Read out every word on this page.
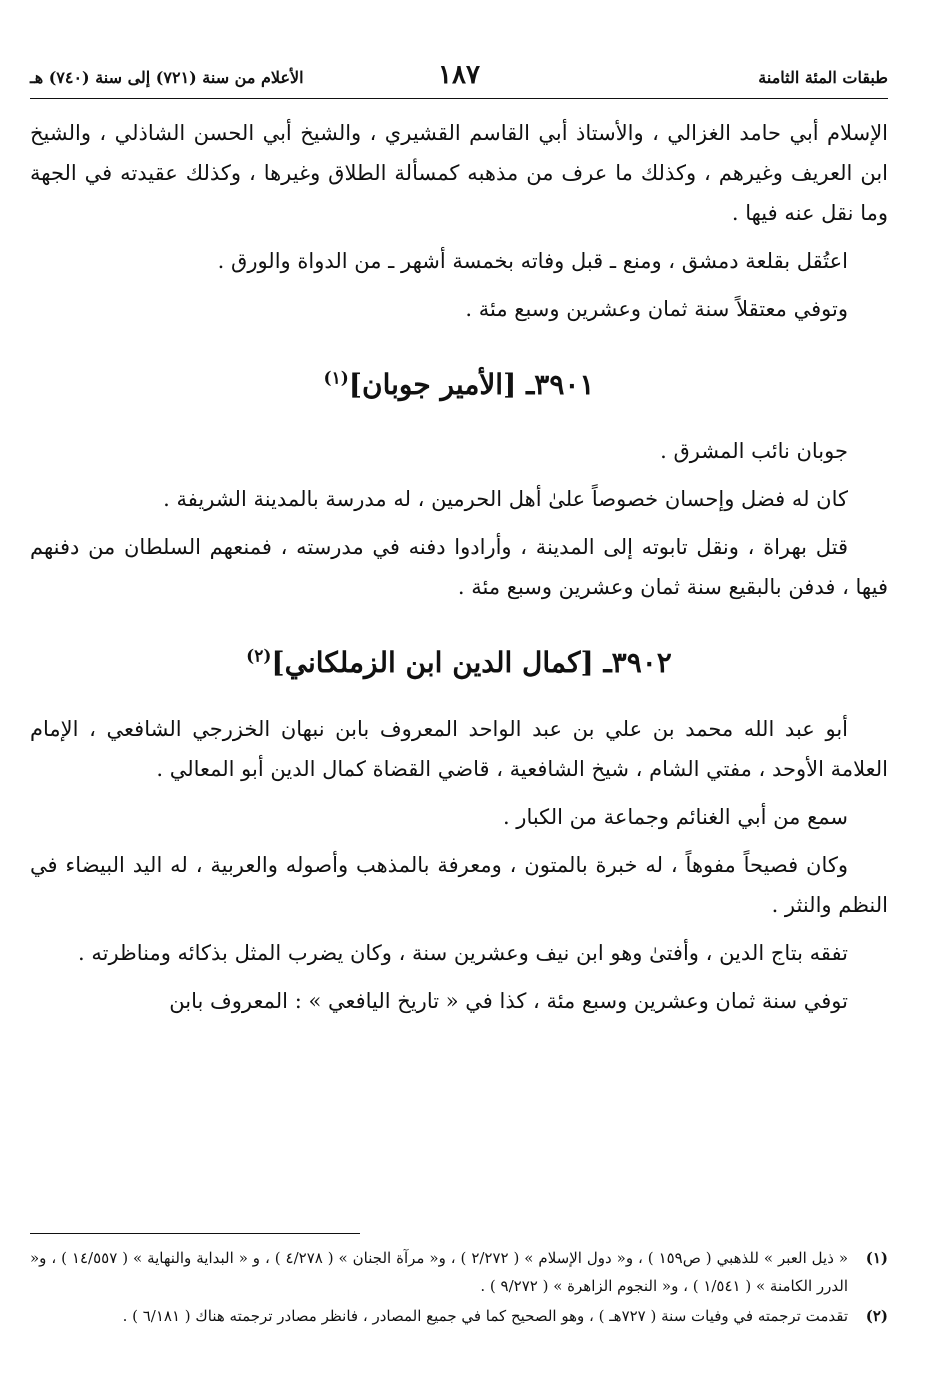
طبقات المئة الثامنة
١٨٧
الأعلام من سنة (٧٢١) إلى سنة (٧٤٠) هـ

الإسلام أبي حامد الغزالي ، والأستاذ أبي القاسم القشيري ، والشيخ أبي الحسن الشاذلي ، والشيخ ابن العريف وغيرهم ، وكذلك ما عرف من مذهبه كمسألة الطلاق وغيرها ، وكذلك عقيدته في الجهة وما نقل عنه فيها .

اعتُقل بقلعة دمشق ، ومنع ـ قبل وفاته بخمسة أشهر ـ من الدواة والورق .

وتوفي معتقلاً سنة ثمان وعشرين وسبع مئة .

٣٩٠١ـ [الأمير جوبان]$^{(١)}$

جوبان نائب المشرق .

كان له فضل وإحسان خصوصاً علىٰ أهل الحرمين ، له مدرسة بالمدينة الشريفة .

قتل بهراة ، ونقل تابوته إلى المدينة ، وأرادوا دفنه في مدرسته ، فمنعهم السلطان من دفنهم فيها ، فدفن بالبقيع سنة ثمان وعشرين وسبع مئة .

٣٩٠٢ـ [كمال الدين ابن الزملكاني]$^{(٢)}$

أبو عبد الله محمد بن علي بن عبد الواحد المعروف بابن نبهان الخزرجي الشافعي ، الإمام العلامة الأوحد ، مفتي الشام ، شيخ الشافعية ، قاضي القضاة كمال الدين أبو المعالي .

سمع من أبي الغنائم وجماعة من الكبار .

وكان فصيحاً مفوهاً ، له خبرة بالمتون ، ومعرفة بالمذهب وأصوله والعربية ، له اليد البيضاء في النظم والنثر .

تفقه بتاج الدين ، وأفتىٰ وهو ابن نيف وعشرين سنة ، وكان يضرب المثل بذكائه ومناظرته .

توفي سنة ثمان وعشرين وسبع مئة ، كذا في « تاريخ اليافعي » : المعروف بابن

(١)
« ذيل العبر » للذهبي ( ص١٥٩ ) ، و« دول الإسلام » ( ٢/٢٧٢ ) ، و« مرآة الجنان » ( ٤/٢٧٨ ) ، و « البداية والنهاية » ( ١٤/٥٥٧ ) ، و« الدرر الكامنة » ( ١/٥٤١ ) ، و« النجوم الزاهرة » ( ٩/٢٧٢ ) .
(٢)
تقدمت ترجمته في وفيات سنة ( ٧٢٧هـ ) ، وهو الصحيح كما في جميع المصادر ، فانظر مصادر ترجمته هناك ( ٦/١٨١ ) .
